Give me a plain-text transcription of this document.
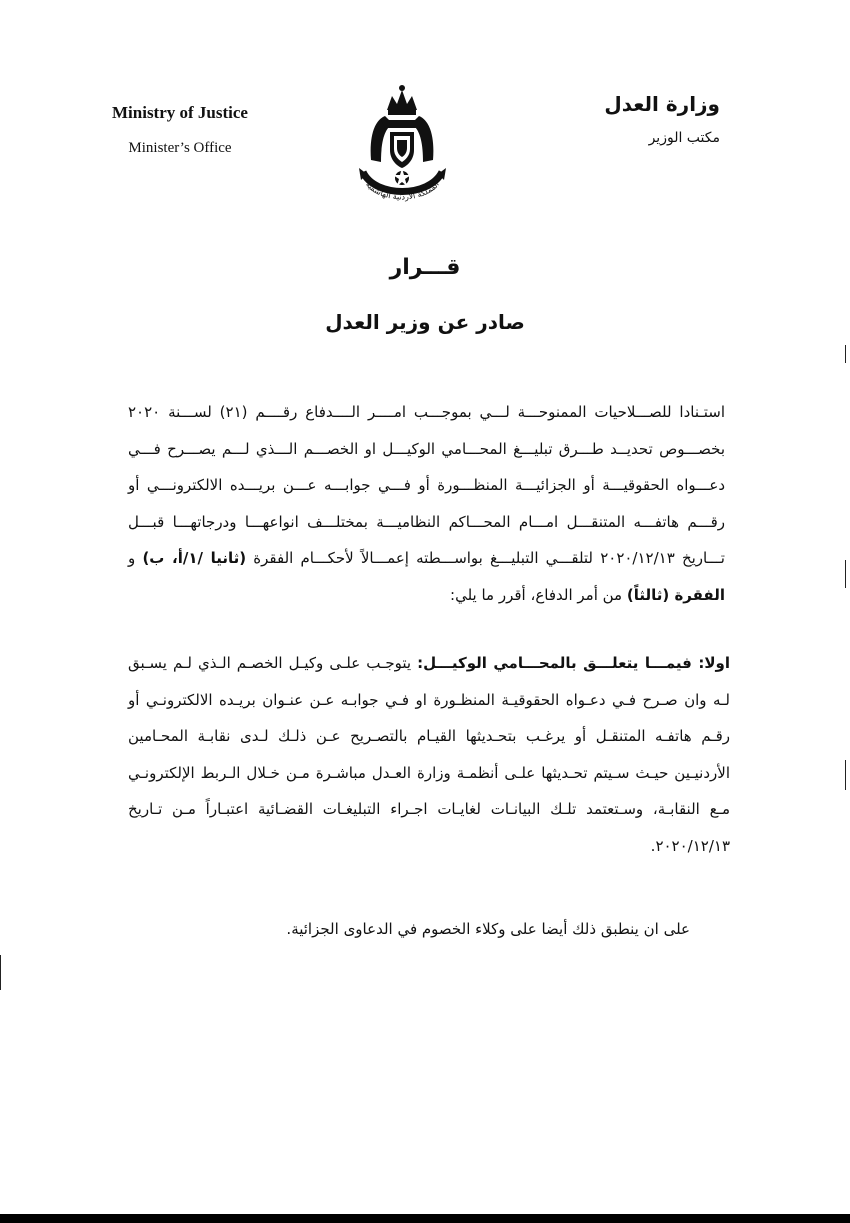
Ministry of Justice
Minister’s Office
وزارة العدل
مكتب الوزير
المملكة الأردنية الهاشمية
قـــرار
صادر عن وزير العدل
استـنادا للصـــلاحيات الممنوحـــة لـــي بموجـــب امــــر الــــدفاع رقــــم (٢١) لســـنة ٢٠٢٠ بخصـــوص تحديــد طـــرق تبليـــغ المحـــامي الوكيـــل او الخصـــم الـــذي لـــم يصـــرح فـــي دعـــواه الحقوقيـــة أو الجزائيـــة المنظـــورة أو فـــي جوابـــه عـــن بريـــده الالكترونـــي أو رقـــم هاتفـــه المتنقـــل امـــام المحـــاكم النظاميـــة بمختلـــف انواعهـــا ودرجاتهـــا قبـــل تـــاريخ ٢٠٢٠/١٢/١٣ لتلقـــي التبليـــغ بواســـطته إعمـــالاً لأحكـــام الفقرة (ثانيا /١/أ، ب) و الفقرة (ثالثاً) من أمر الدفاع، أقرر ما يلي:
اولا: فيمـــا يتعلـــق بالمحـــامي الوكيـــل: يتوجـب علـى وكيـل الخصـم الـذي لـم يسـبق لـه وان صـرح فـي دعـواه الحقوقيـة المنظـورة او فـي جوابـه عـن عنـوان بريـده الالكترونـي أو رقـم هاتفـه المتنقـل أو يرغـب بتحـديثها القيـام بالتصـريح عـن ذلـك لـدى نقابـة المحـامين الأردنيـين حيـث سـيتم تحـديثها علـى أنظمـة وزارة العـدل مباشـرة مـن خـلال الـربط الإلكترونـي مـع النقابـة، وسـتعتمد تلـك البيانـات لغايـات اجـراء التبليغـات القضـائية اعتبـاراً مـن تـاريخ ٢٠٢٠/١٢/١٣.
على ان ينطبق ذلك أيضا على وكلاء الخصوم في الدعاوى الجزائية.
